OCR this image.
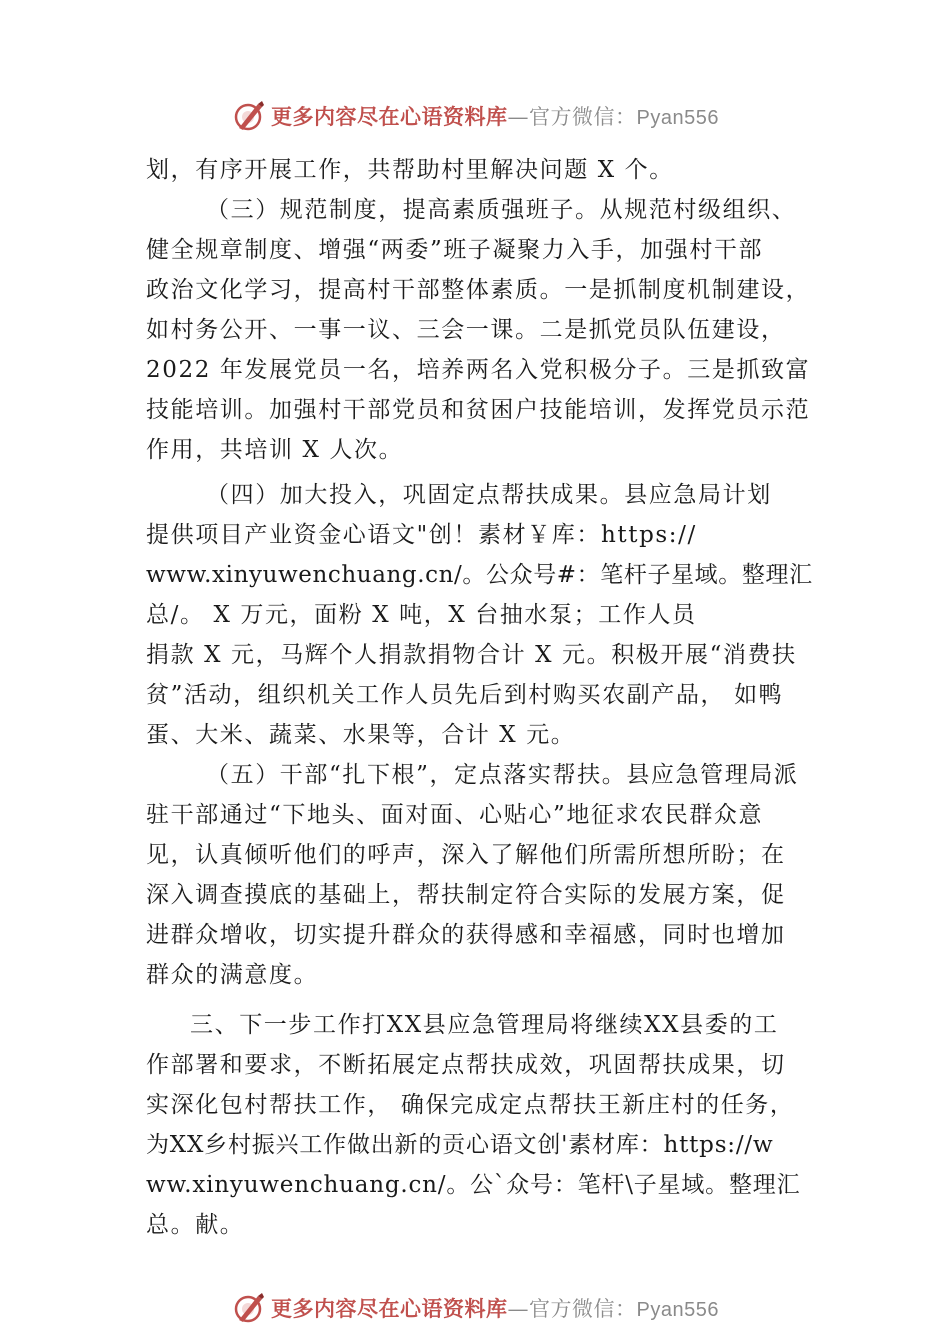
更多内容尽在心语资料库—官方微信：Pyan556
划，有序开展工作，共帮助村里解决问题 X 个。
（三）规范制度，提高素质强班子。从规范村级组织、
健全规章制度、增强“两委”班子凝聚力入手，加强村干部
政治文化学习，提高村干部整体素质。一是抓制度机制建设，
如村务公开、一事一议、三会一课。二是抓党员队伍建设，
2022 年发展党员一名，培养两名入党积极分子。三是抓致富
技能培训。加强村干部党员和贫困户技能培训，发挥党员示范
作用，共培训 X 人次。
（四）加大投入，巩固定点帮扶成果。县应急局计划
提供项目产业资金心语文"创！素材￥库：https://
www.xinyuwenchuang.cn/。公众号#：笔杆子星域。整理汇
总/。 X 万元，面粉 X 吨，X 台抽水泵；工作人员
捐款 X 元，马辉个人捐款捐物合计 X 元。积极开展“消费扶
贫”活动，组织机关工作人员先后到村购买农副产品， 如鸭
蛋、大米、蔬菜、水果等，合计 X 元。
（五）干部“扎下根”，定点落实帮扶。县应急管理局派
驻干部通过“下地头、面对面、心贴心”地征求农民群众意
见，认真倾听他们的呼声，深入了解他们所需所想所盼；在
深入调查摸底的基础上，帮扶制定符合实际的发展方案，促
进群众增收，切实提升群众的获得感和幸福感，同时也增加
群众的满意度。
三、下一步工作打XX县应急管理局将继续XX县委的工
作部署和要求，不断拓展定点帮扶成效，巩固帮扶成果，切
实深化包村帮扶工作， 确保完成定点帮扶王新庄村的任务，
为XX乡村振兴工作做出新的贡心语文创'素材库：https://w
ww.xinyuwenchuang.cn/。公`众号：笔杆\子星域。整理汇
总。献。
更多内容尽在心语资料库—官方微信：Pyan556
